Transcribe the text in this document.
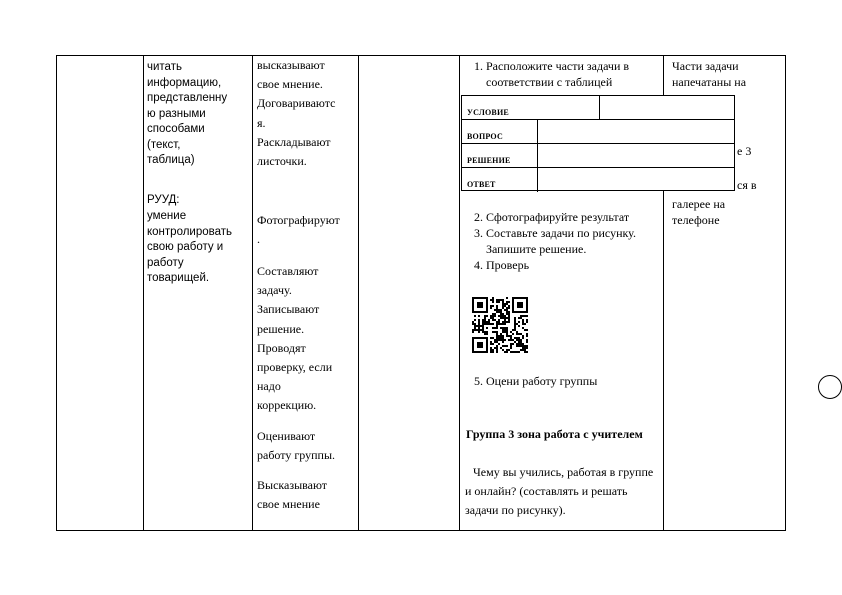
читать
информацию,
представленну
ю разными
способами
(текст,
таблица)
РУУД:
умение
контролировать
свою работу и
работу
товарищей.
высказывают
свое мнение.
Договариваютс
я.
Раскладывают
листочки.
Фотографируют
.
Составляют
задачу.
Записывают
решение.
Проводят
проверку, если
надо
коррекцию.
Оценивают
работу группы.
Высказывают
свое мнение
Части задачи
напечатаны на
е 3
ся в
галерее на
телефоне
1. Расположите части задачи в соответствии с таблицей
УСЛОВИЕ
ВОПРОС
РЕШЕНИЕ
ОТВЕТ
2. Сфотографируйте результат
3. Составьте задачи по рисунку. Запишите решение.
4. Проверь
5. Оцени работу группы
Группа 3 зона работа с учителем
Чему вы учились, работая в группе и онлайн? (составлять и решать задачи по рисунку).
